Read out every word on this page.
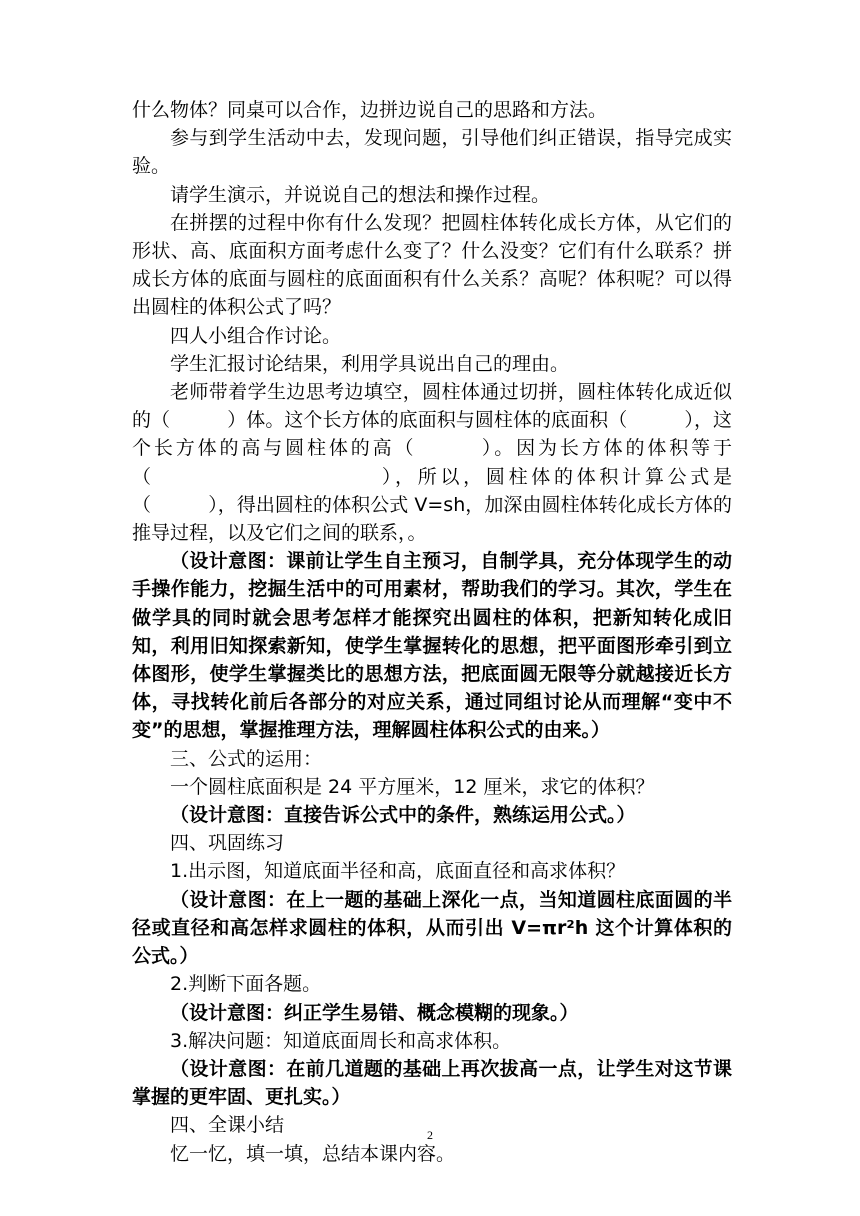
什么物体？同桌可以合作，边拼边说自己的思路和方法。

参与到学生活动中去，发现问题，引导他们纠正错误，指导完成实验。

请学生演示，并说说自己的想法和操作过程。

在拼摆的过程中你有什么发现？把圆柱体转化成长方体，从它们的形状、高、底面积方面考虑什么变了？什么没变？它们有什么联系？拼成长方体的底面与圆柱的底面面积有什么关系？高呢？体积呢？可以得出圆柱的体积公式了吗？

四人小组合作讨论。

学生汇报讨论结果，利用学具说出自己的理由。

老师带着学生边思考边填空，圆柱体通过切拼，圆柱体转化成近似的（　　　）体。这个长方体的底面积与圆柱体的底面积（　　　），这个长方体的高与圆柱体的高（　　　）。因为长方体的体积等于（　　　　　　　　　　），所以，圆柱体的体积计算公式是（　　　），得出圆柱的体积公式 V=sh，加深由圆柱体转化成长方体的推导过程，以及它们之间的联系，。

（设计意图：课前让学生自主预习，自制学具，充分体现学生的动手操作能力，挖掘生活中的可用素材，帮助我们的学习。其次，学生在做学具的同时就会思考怎样才能探究出圆柱的体积，把新知转化成旧知，利用旧知探索新知，使学生掌握转化的思想，把平面图形牵引到立体图形，使学生掌握类比的思想方法，把底面圆无限等分就越接近长方体，寻找转化前后各部分的对应关系，通过同组讨论从而理解“变中不变”的思想，掌握推理方法，理解圆柱体积公式的由来。）

三、公式的运用：

一个圆柱底面积是 24 平方厘米，12 厘米，求它的体积？

（设计意图：直接告诉公式中的条件，熟练运用公式。）

四、巩固练习

1.出示图，知道底面半径和高，底面直径和高求体积？

（设计意图：在上一题的基础上深化一点，当知道圆柱底面圆的半径或直径和高怎样求圆柱的体积，从而引出 V=πr²h 这个计算体积的公式。）

2.判断下面各题。

（设计意图：纠正学生易错、概念模糊的现象。）

3.解决问题：知道底面周长和高求体积。

（设计意图：在前几道题的基础上再次拔高一点，让学生对这节课掌握的更牢固、更扎实。）

四、全课小结

忆一忆，填一填，总结本课内容。

2
